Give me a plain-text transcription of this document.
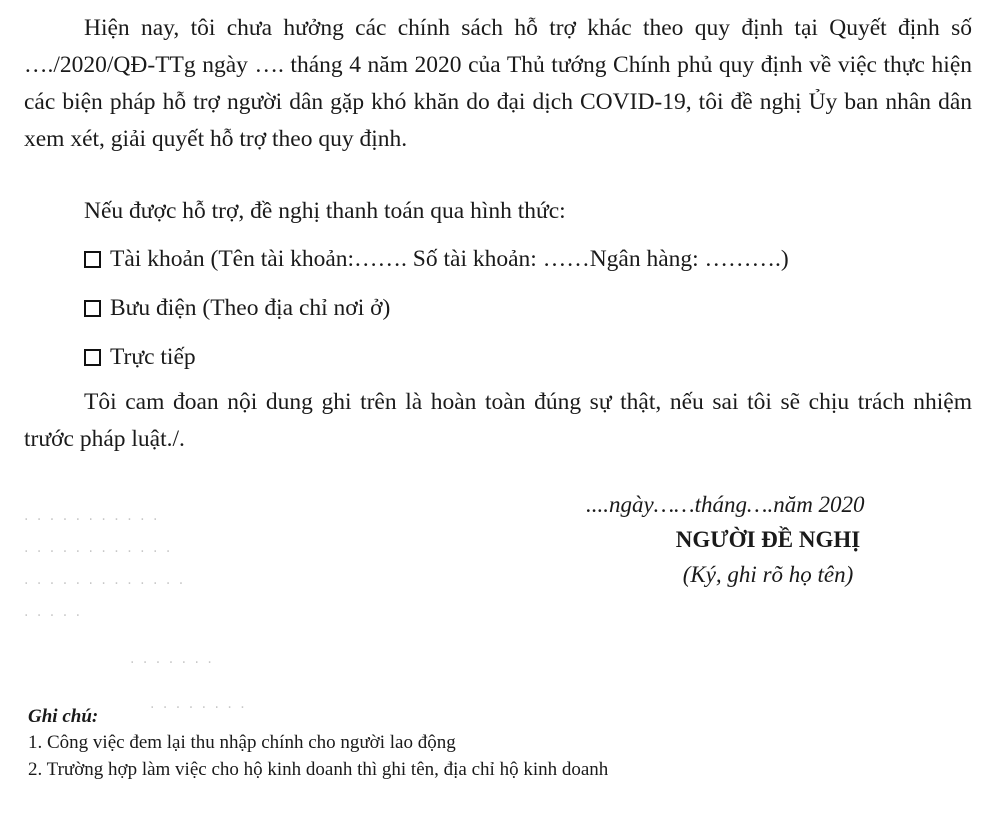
Hiện nay, tôi chưa hưởng các chính sách hỗ trợ khác theo quy định tại Quyết định số …./2020/QĐ-TTg ngày …. tháng 4 năm 2020 của Thủ tướng Chính phủ quy định về việc thực hiện các biện pháp hỗ trợ người dân gặp khó khăn do đại dịch COVID-19, tôi đề nghị Ủy ban nhân dân xem xét, giải quyết hỗ trợ theo quy định.

Nếu được hỗ trợ, đề nghị thanh toán qua hình thức:

Tài khoản (Tên tài khoản:……. Số tài khoản: ……Ngân hàng: ……….)
Bưu điện (Theo địa chỉ nơi ở)
Trực tiếp

Tôi cam đoan nội dung ghi trên là hoàn toàn đúng sự thật, nếu sai tôi sẽ chịu trách nhiệm trước pháp luật./.

· · · · · · · · · · ·
· · · · · · · · · · · ·
· · · · · · · · · · · · ·
· · · · ·
· · · · · · ·
· · · · · · · ·
....ngày……tháng….năm 2020
NGƯỜI ĐỀ NGHỊ
(Ký, ghi rõ họ tên)
Ghi chú:
1. Công việc đem lại thu nhập chính cho người lao động
2. Trường hợp làm việc cho hộ kinh doanh thì ghi tên, địa chỉ hộ kinh doanh
